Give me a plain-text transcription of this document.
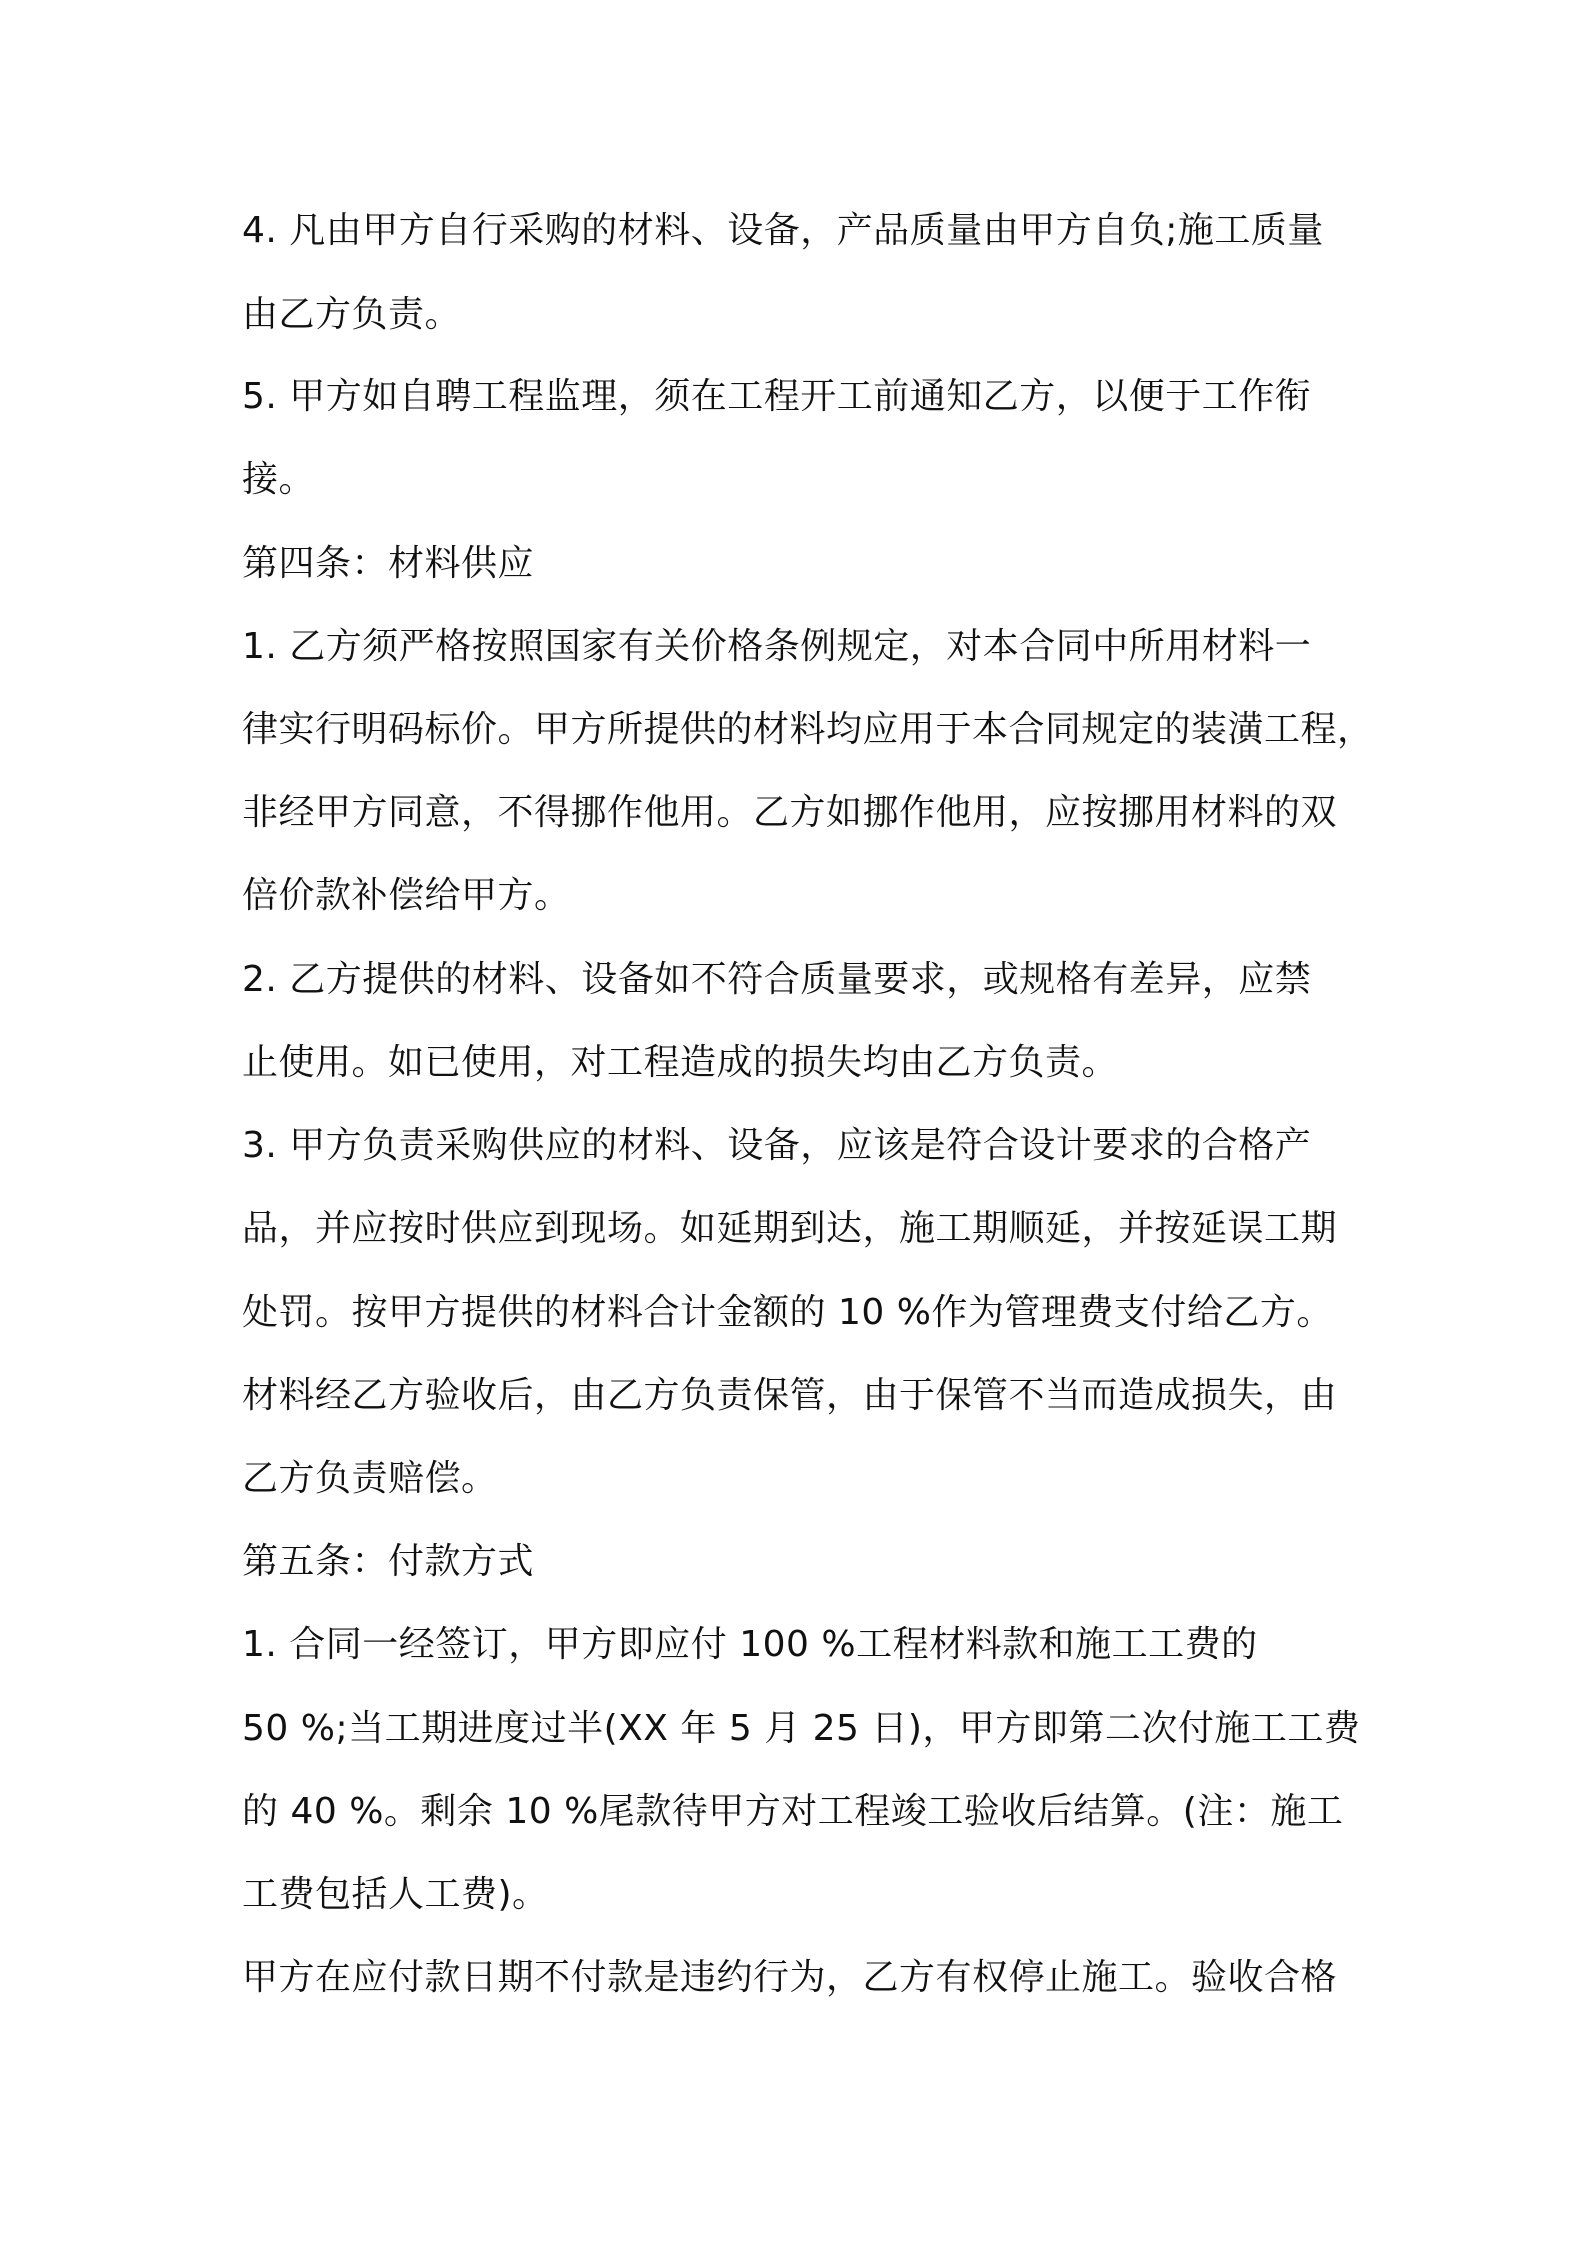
4. 凡由甲方自行采购的材料、设备，产品质量由甲方自负;施工质量
由乙方负责。
5. 甲方如自聘工程监理，须在工程开工前通知乙方，以便于工作衔
接。
第四条：材料供应
1. 乙方须严格按照国家有关价格条例规定，对本合同中所用材料一
律实行明码标价。甲方所提供的材料均应用于本合同规定的装潢工程，
非经甲方同意，不得挪作他用。乙方如挪作他用，应按挪用材料的双
倍价款补偿给甲方。
2. 乙方提供的材料、设备如不符合质量要求，或规格有差异，应禁
止使用。如已使用，对工程造成的损失均由乙方负责。
3. 甲方负责采购供应的材料、设备，应该是符合设计要求的合格产
品，并应按时供应到现场。如延期到达，施工期顺延，并按延误工期
处罚。按甲方提供的材料合计金额的 10 %作为管理费支付给乙方。
材料经乙方验收后，由乙方负责保管，由于保管不当而造成损失，由
乙方负责赔偿。
第五条：付款方式
1. 合同一经签订，甲方即应付 100 %工程材料款和施工工费的
50 %;当工期进度过半(XX 年 5 月 25 日)，甲方即第二次付施工工费
的 40 %。剩余 10 %尾款待甲方对工程竣工验收后结算。(注：施工
工费包括人工费)。
甲方在应付款日期不付款是违约行为，乙方有权停止施工。验收合格
